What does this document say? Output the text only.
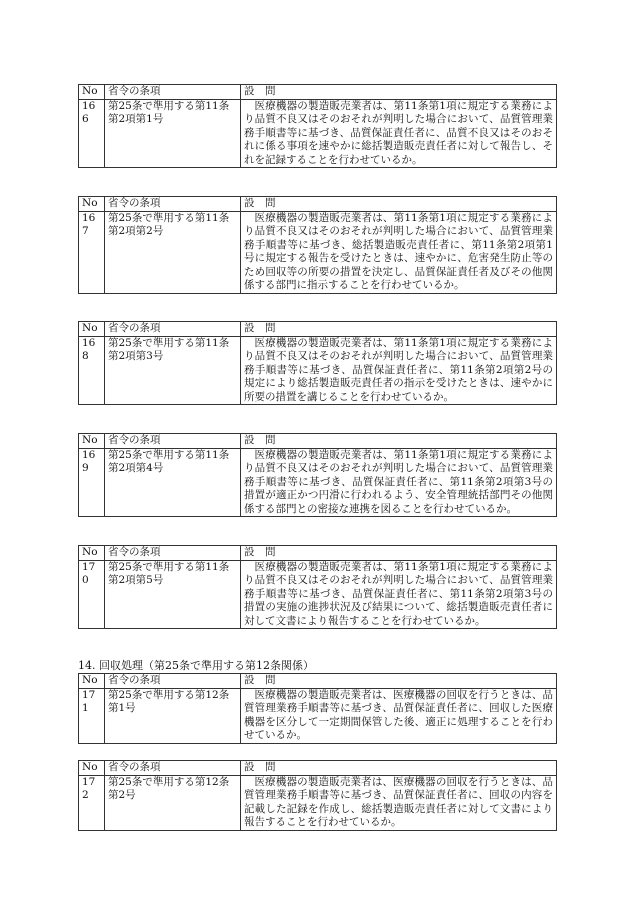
No	省令の条項	設　問
166	第25条で準用する第11条第2項第1号	医療機器の製造販売業者は、第11条第1項に規定する業務により品質不良又はそのおそれが判明した場合において、品質管理業務手順書等に基づき、品質保証責任者に、品質不良又はそのおそれに係る事項を速やかに総括製造販売責任者に対して報告し、それを記録することを行わせているか。
No	省令の条項	設　問
167	第25条で準用する第11条第2項第2号	医療機器の製造販売業者は、第11条第1項に規定する業務により品質不良又はそのおそれが判明した場合において、品質管理業務手順書等に基づき、総括製造販売責任者に、第11条第2項第1号に規定する報告を受けたときは、速やかに、危害発生防止等のため回収等の所要の措置を決定し、品質保証責任者及びその他関係する部門に指示することを行わせているか。
No	省令の条項	設　問
168	第25条で準用する第11条第2項第3号	医療機器の製造販売業者は、第11条第1項に規定する業務により品質不良又はそのおそれが判明した場合において、品質管理業務手順書等に基づき、品質保証責任者に、第11条第2項第2号の規定により総括製造販売責任者の指示を受けたときは、速やかに所要の措置を講じることを行わせているか。
No	省令の条項	設　問
169	第25条で準用する第11条第2項第4号	医療機器の製造販売業者は、第11条第1項に規定する業務により品質不良又はそのおそれが判明した場合において、品質管理業務手順書等に基づき、品質保証責任者に、第11条第2項第3号の措置が適正かつ円滑に行われるよう、安全管理統括部門その他関係する部門との密接な連携を図ることを行わせているか。
No	省令の条項	設　問
170	第25条で準用する第11条第2項第5号	医療機器の製造販売業者は、第11条第1項に規定する業務により品質不良又はそのおそれが判明した場合において、品質管理業務手順書等に基づき、品質保証責任者に、第11条第2項第3号の措置の実施の進捗状況及び結果について、総括製造販売責任者に対して文書により報告することを行わせているか。
14. 回収処理（第25条で準用する第12条関係）
No	省令の条項	設　問
171	第25条で準用する第12条第1号	医療機器の製造販売業者は、医療機器の回収を行うときは、品質管理業務手順書等に基づき、品質保証責任者に、回収した医療機器を区分して一定期間保管した後、適正に処理することを行わせているか。
No	省令の条項	設　問
172	第25条で準用する第12条第2号	医療機器の製造販売業者は、医療機器の回収を行うときは、品質管理業務手順書等に基づき、品質保証責任者に、回収の内容を記載した記録を作成し、総括製造販売責任者に対して文書により報告することを行わせているか。
